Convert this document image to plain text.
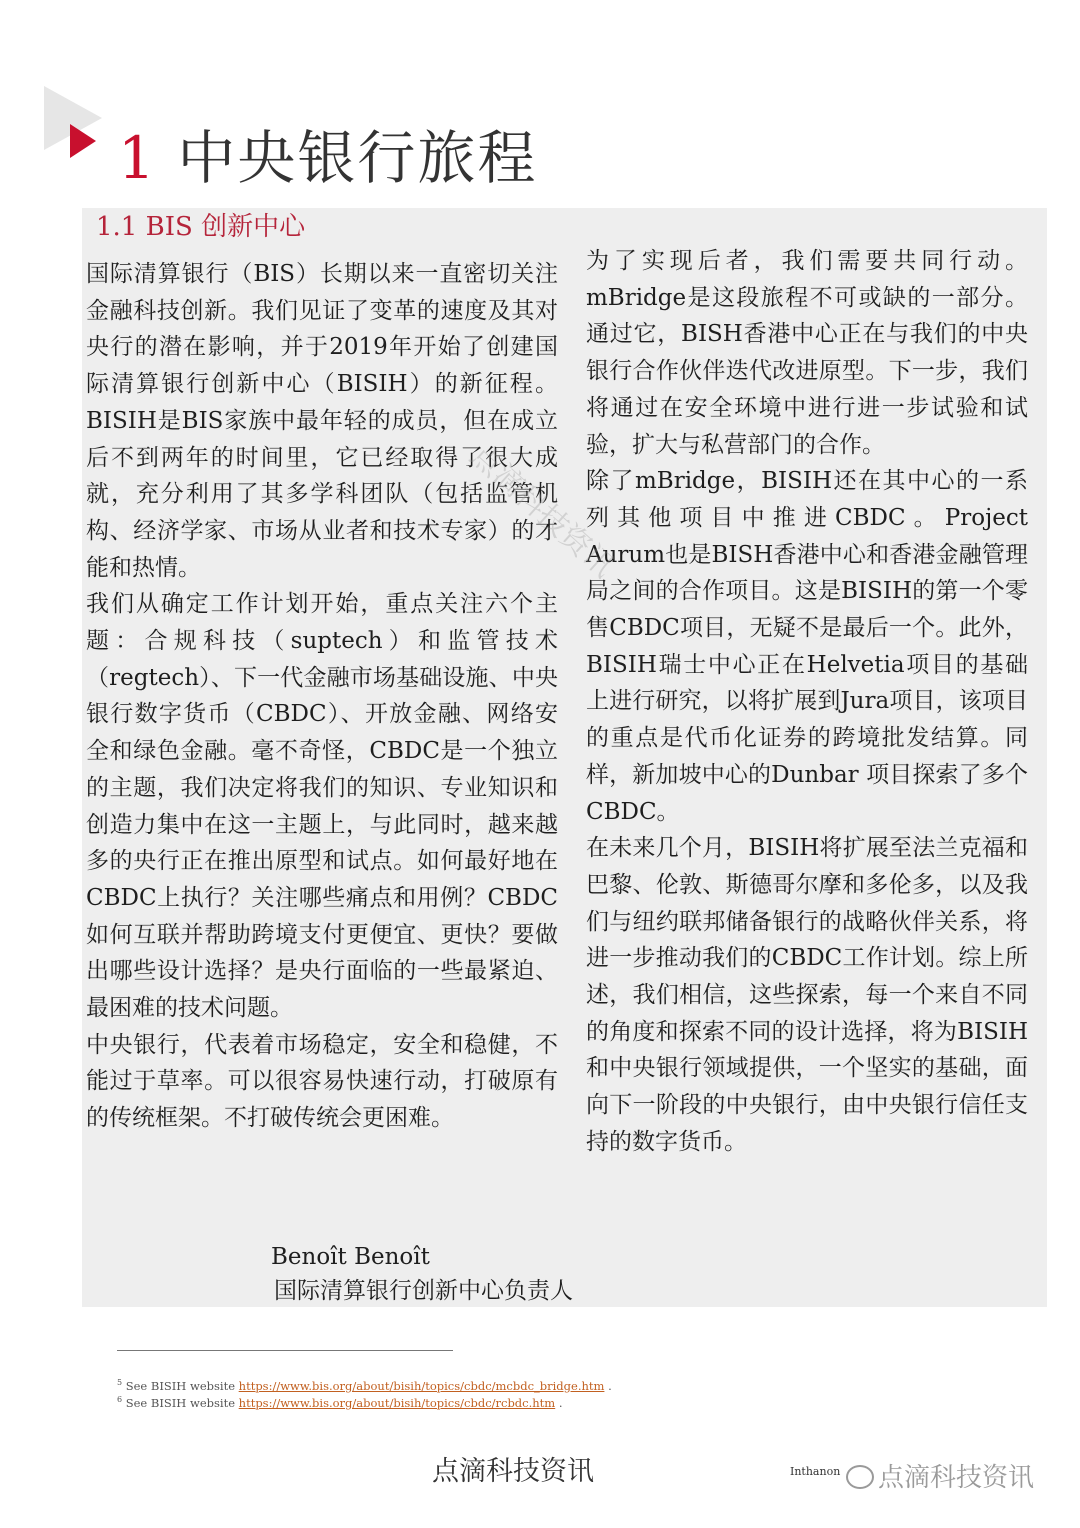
1 中央银行旅程
1.1 BIS 创新中心

国际清算银行（BIS）长期以来一直密切关注金融科技创新。我们见证了变革的速度及其对央行的潜在影响，并于2019年开始了创建国际清算银行创新中心（BISIH）的新征程。BISIH是BIS家族中最年轻的成员，但在成立后不到两年的时间里，它已经取得了很大成就，充分利用了其多学科团队（包括监管机构、经济学家、市场从业者和技术专家）的才能和热情。

我们从确定工作计划开始，重点关注六个主题：合规科技（suptech）和监管技术（regtech）、下一代金融市场基础设施、中央银行数字货币（CBDC）、开放金融、网络安全和绿色金融。毫不奇怪，CBDC是一个独立的主题，我们决定将我们的知识、专业知识和创造力集中在这一主题上，与此同时，越来越多的央行正在推出原型和试点。如何最好地在CBDC上执行？关注哪些痛点和用例？CBDC如何互联并帮助跨境支付更便宜、更快？要做出哪些设计选择？是央行面临的一些最紧迫、最困难的技术问题。

中央银行，代表着市场稳定，安全和稳健，不能过于草率。可以很容易快速行动，打破原有的传统框架。不打破传统会更困难。

为了实现后者，我们需要共同行动。mBridge是这段旅程不可或缺的一部分。通过它，BISH香港中心正在与我们的中央银行合作伙伴迭代改进原型。下一步，我们将通过在安全环境中进行进一步试验和试验，扩大与私营部门的合作。

除了mBridge，BISIH还在其中心的一系列其他项目中推进CBDC。Project Aurum也是BISH香港中心和香港金融管理局之间的合作项目。这是BISIH的第一个零售CBDC项目，无疑不是最后一个。此外，BISIH瑞士中心正在Helvetia项目的基础上进行研究，以将扩展到Jura项目，该项目的重点是代币化证券的跨境批发结算。同样，新加坡中心的Dunbar 项目探索了多个CBDC。

在未来几个月，BISIH将扩展至法兰克福和巴黎、伦敦、斯德哥尔摩和多伦多，以及我们与纽约联邦储备银行的战略伙伴关系，将进一步推动我们的CBDC工作计划。综上所述，我们相信，这些探索，每一个来自不同的角度和探索不同的设计选择，将为BISIH和中央银行领域提供，一个坚实的基础，面向下一阶段的中央银行，由中央银行信任支持的数字货币。

Benoît Benoît
国际清算银行创新中心负责人
点滴科技资讯
$^5$ See BISIH website https://www.bis.org/about/bisih/topics/cbdc/mcbdc_bridge.htm .
$^6$ See BISIH website https://www.bis.org/about/bisih/topics/cbdc/rcbdc.htm .
点滴科技资讯	Inthanon	点滴科技资讯
